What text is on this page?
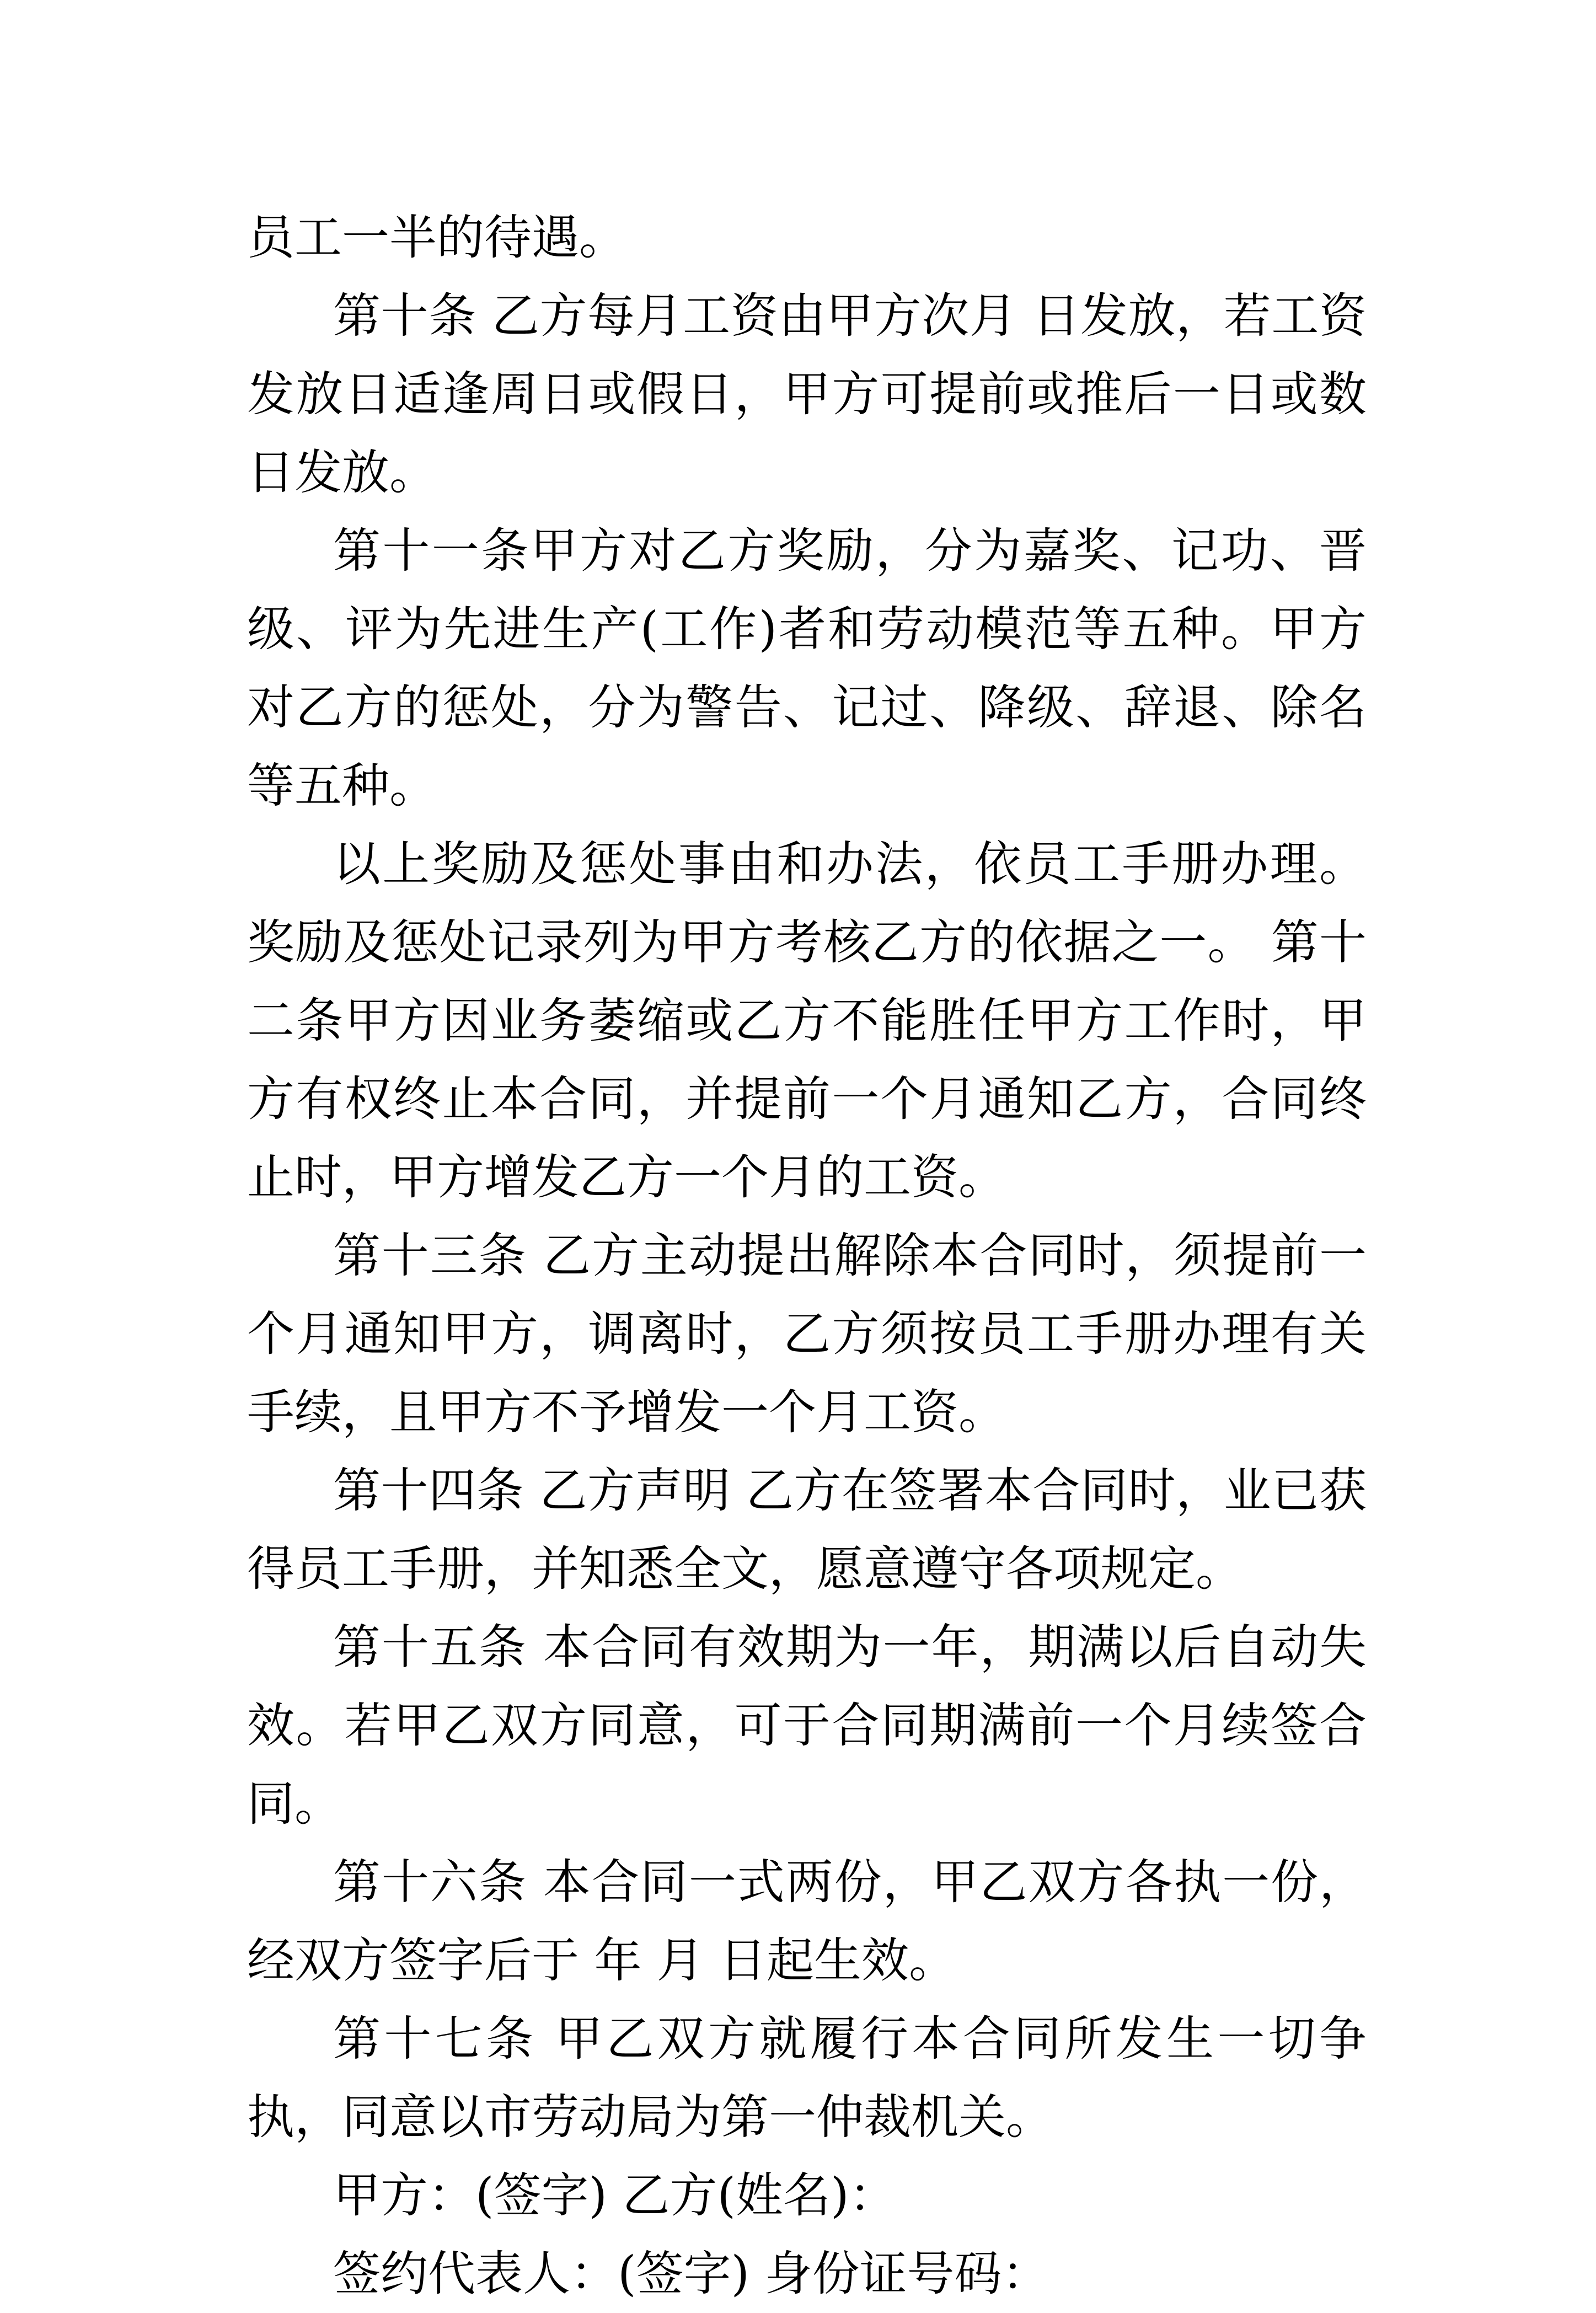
员工一半的待遇。

第十条 乙方每月工资由甲方次月 日发放，若工资发放日适逢周日或假日，甲方可提前或推后一日或数日发放。

第十一条甲方对乙方奖励，分为嘉奖、记功、晋级、评为先进生产(工作)者和劳动模范等五种。甲方对乙方的惩处，分为警告、记过、降级、辞退、除名等五种。

以上奖励及惩处事由和办法，依员工手册办理。奖励及惩处记录列为甲方考核乙方的依据之一。 第十二条甲方因业务萎缩或乙方不能胜任甲方工作时，甲方有权终止本合同，并提前一个月通知乙方，合同终止时，甲方增发乙方一个月的工资。

第十三条 乙方主动提出解除本合同时，须提前一个月通知甲方，调离时，乙方须按员工手册办理有关手续，且甲方不予增发一个月工资。

第十四条 乙方声明 乙方在签署本合同时，业已获得员工手册，并知悉全文，愿意遵守各项规定。

第十五条 本合同有效期为一年，期满以后自动失效。若甲乙双方同意，可于合同期满前一个月续签合同。

第十六条 本合同一式两份，甲乙双方各执一份，经双方签字后于 年 月 日起生效。

第十七条 甲乙双方就履行本合同所发生一切争执，同意以市劳动局为第一仲裁机关。

甲方：(签字) 乙方(姓名)：

签约代表人：(签字) 身份证号码：
